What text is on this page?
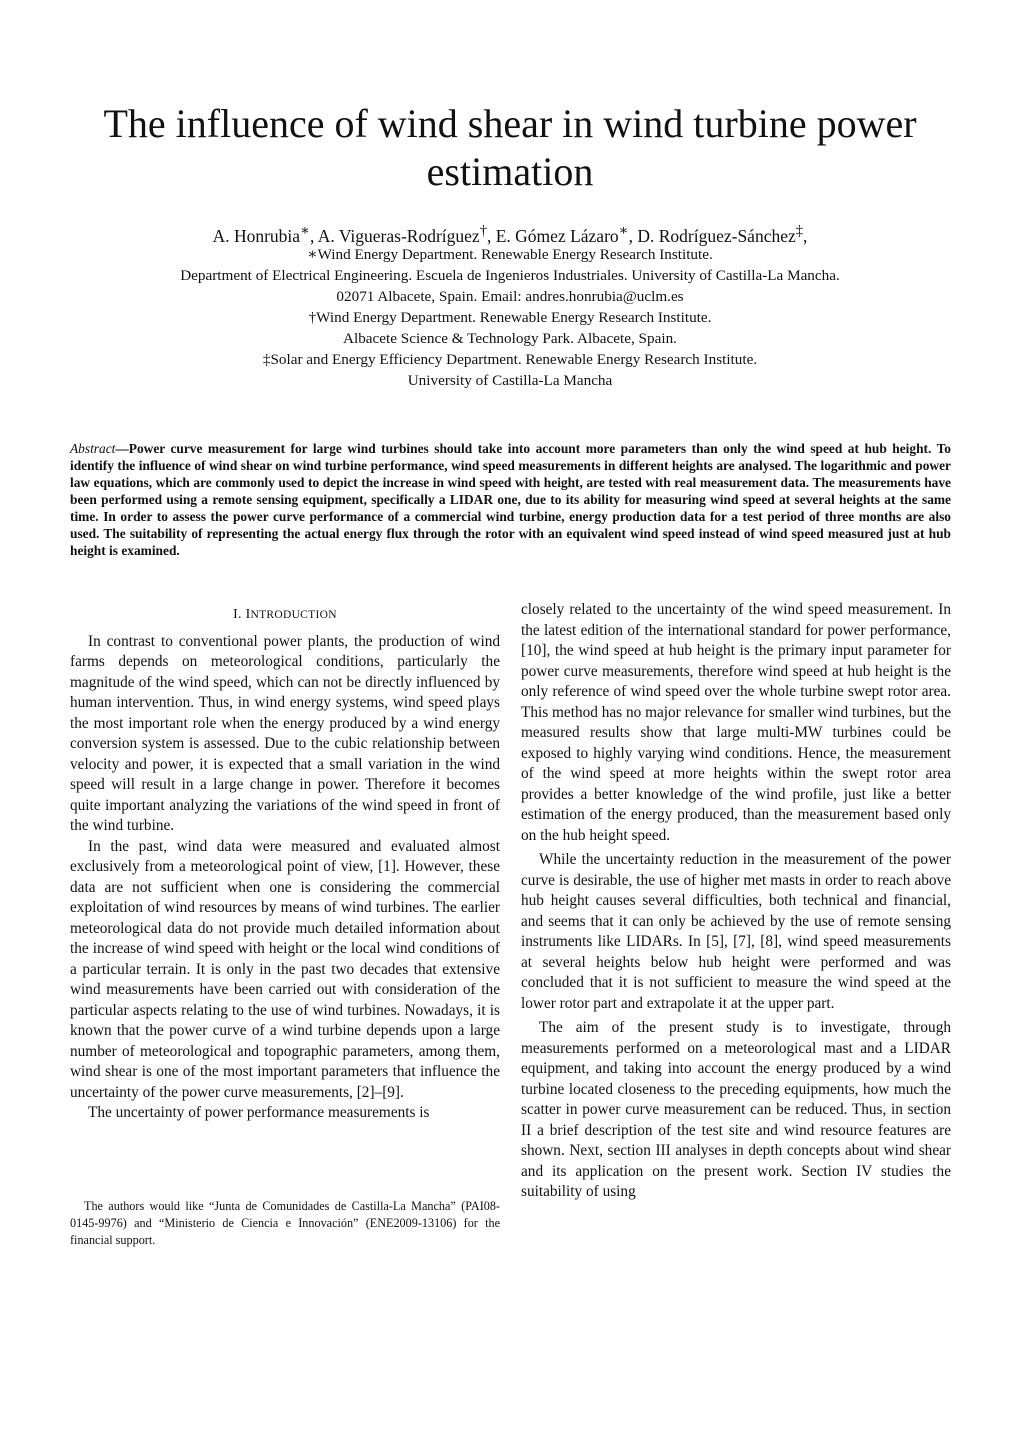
The influence of wind shear in wind turbine power estimation
A. Honrubia∗, A. Vigueras-Rodríguez†, E. Gómez Lázaro∗, D. Rodríguez-Sánchez‡,
∗Wind Energy Department. Renewable Energy Research Institute.
Department of Electrical Engineering. Escuela de Ingenieros Industriales. University of Castilla-La Mancha.
02071 Albacete, Spain. Email: andres.honrubia@uclm.es
†Wind Energy Department. Renewable Energy Research Institute.
Albacete Science & Technology Park. Albacete, Spain.
‡Solar and Energy Efficiency Department. Renewable Energy Research Institute.
University of Castilla-La Mancha

Abstract—Power curve measurement for large wind turbines should take into account more parameters than only the wind speed at hub height. To identify the influence of wind shear on wind turbine performance, wind speed measurements in different heights are analysed. The logarithmic and power law equations, which are commonly used to depict the increase in wind speed with height, are tested with real measurement data. The measurements have been performed using a remote sensing equipment, specifically a LIDAR one, due to its ability for measuring wind speed at several heights at the same time. In order to assess the power curve performance of a commercial wind turbine, energy production data for a test period of three months are also used. The suitability of representing the actual energy flux through the rotor with an equivalent wind speed instead of wind speed measured just at hub height is examined.

I. INTRODUCTION

In contrast to conventional power plants, the production of wind farms depends on meteorological conditions, particularly the magnitude of the wind speed, which can not be directly influenced by human intervention. Thus, in wind energy systems, wind speed plays the most important role when the energy produced by a wind energy conversion system is assessed. Due to the cubic relationship between velocity and power, it is expected that a small variation in the wind speed will result in a large change in power. Therefore it becomes quite important analyzing the variations of the wind speed in front of the wind turbine.

In the past, wind data were measured and evaluated almost exclusively from a meteorological point of view, [1]. However, these data are not sufficient when one is considering the commercial exploitation of wind resources by means of wind turbines. The earlier meteorological data do not provide much detailed information about the increase of wind speed with height or the local wind conditions of a particular terrain. It is only in the past two decades that extensive wind measurements have been carried out with consideration of the particular aspects relating to the use of wind turbines. Nowadays, it is known that the power curve of a wind turbine depends upon a large number of meteorological and topographic parameters, among them, wind shear is one of the most important parameters that influence the uncertainty of the power curve measurements, [2]–[9].

The uncertainty of power performance measurements is

The authors would like “Junta de Comunidades de Castilla-La Mancha” (PAI08-0145-9976) and “Ministerio de Ciencia e Innovación” (ENE2009-13106) for the financial support.

closely related to the uncertainty of the wind speed measurement. In the latest edition of the international standard for power performance, [10], the wind speed at hub height is the primary input parameter for power curve measurements, therefore wind speed at hub height is the only reference of wind speed over the whole turbine swept rotor area. This method has no major relevance for smaller wind turbines, but the measured results show that large multi-MW turbines could be exposed to highly varying wind conditions. Hence, the measurement of the wind speed at more heights within the swept rotor area provides a better knowledge of the wind profile, just like a better estimation of the energy produced, than the measurement based only on the hub height speed.

While the uncertainty reduction in the measurement of the power curve is desirable, the use of higher met masts in order to reach above hub height causes several difficulties, both technical and financial, and seems that it can only be achieved by the use of remote sensing instruments like LIDARs. In [5], [7], [8], wind speed measurements at several heights below hub height were performed and was concluded that it is not sufficient to measure the wind speed at the lower rotor part and extrapolate it at the upper part.

The aim of the present study is to investigate, through measurements performed on a meteorological mast and a LIDAR equipment, and taking into account the energy produced by a wind turbine located closeness to the preceding equipments, how much the scatter in power curve measurement can be reduced. Thus, in section II a brief description of the test site and wind resource features are shown. Next, section III analyses in depth concepts about wind shear and its application on the present work. Section IV studies the suitability of using
